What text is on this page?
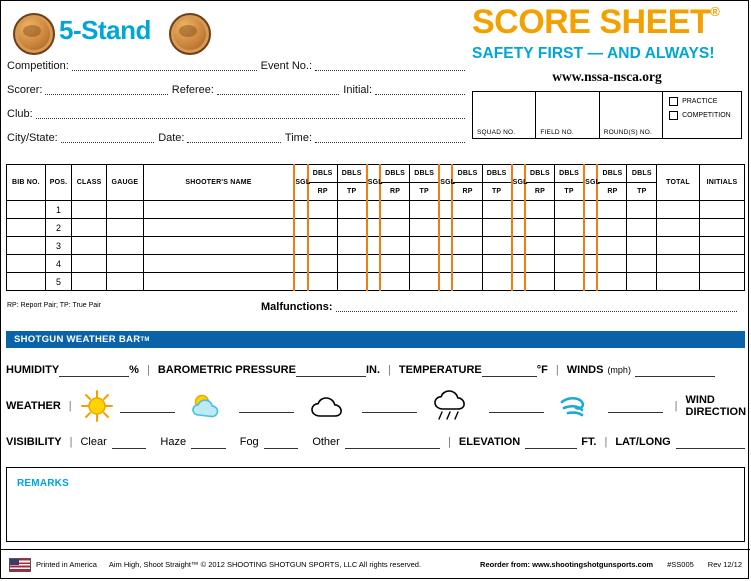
5-Stand
Competition:	Event No.:
Scorer:	Referee:	Initial:
Club:
City/State:	Date:	Time:
SCORE SHEET®
SAFETY FIRST — AND ALWAYS!
www.nssa-nsca.org
SQUAD NO.	FIELD NO.	ROUND(S) NO.
PRACTICE
COMPETITION
BIB NO.	POS.	CLASS	GAUGE	SHOOTER'S NAME	SGL	DBLS	DBLS	SGL	DBLS	DBLS	SGL	DBLS	DBLS	SGL	DBLS	DBLS	SGL	DBLS	DBLS	TOTAL	INITIALS
						RP	TP		RP	TP		RP	TP		RP	TP		RP	TP		
	1																				
	2																				
	3																				
	4																				
	5																				
RP: Report Pair; TP: True Pair	Malfunctions:
SHOTGUN WEATHER BAR TM
HUMIDITY	% | BAROMETRIC PRESSURE	IN. | TEMPERATURE	°F | WINDS (mph)
WEATHER |	| WIND DIRECTION
VISIBILITY | Clear	Haze	Fog	Other	| ELEVATION	FT. | LAT/LONG
REMARKS
Printed in America Aim High, Shoot Straight™ © 2012 SHOOTING SHOTGUN SPORTS, LLC All rights reserved.	Reorder from: www.shootingshotgunsports.com #SS005 Rev 12/12
